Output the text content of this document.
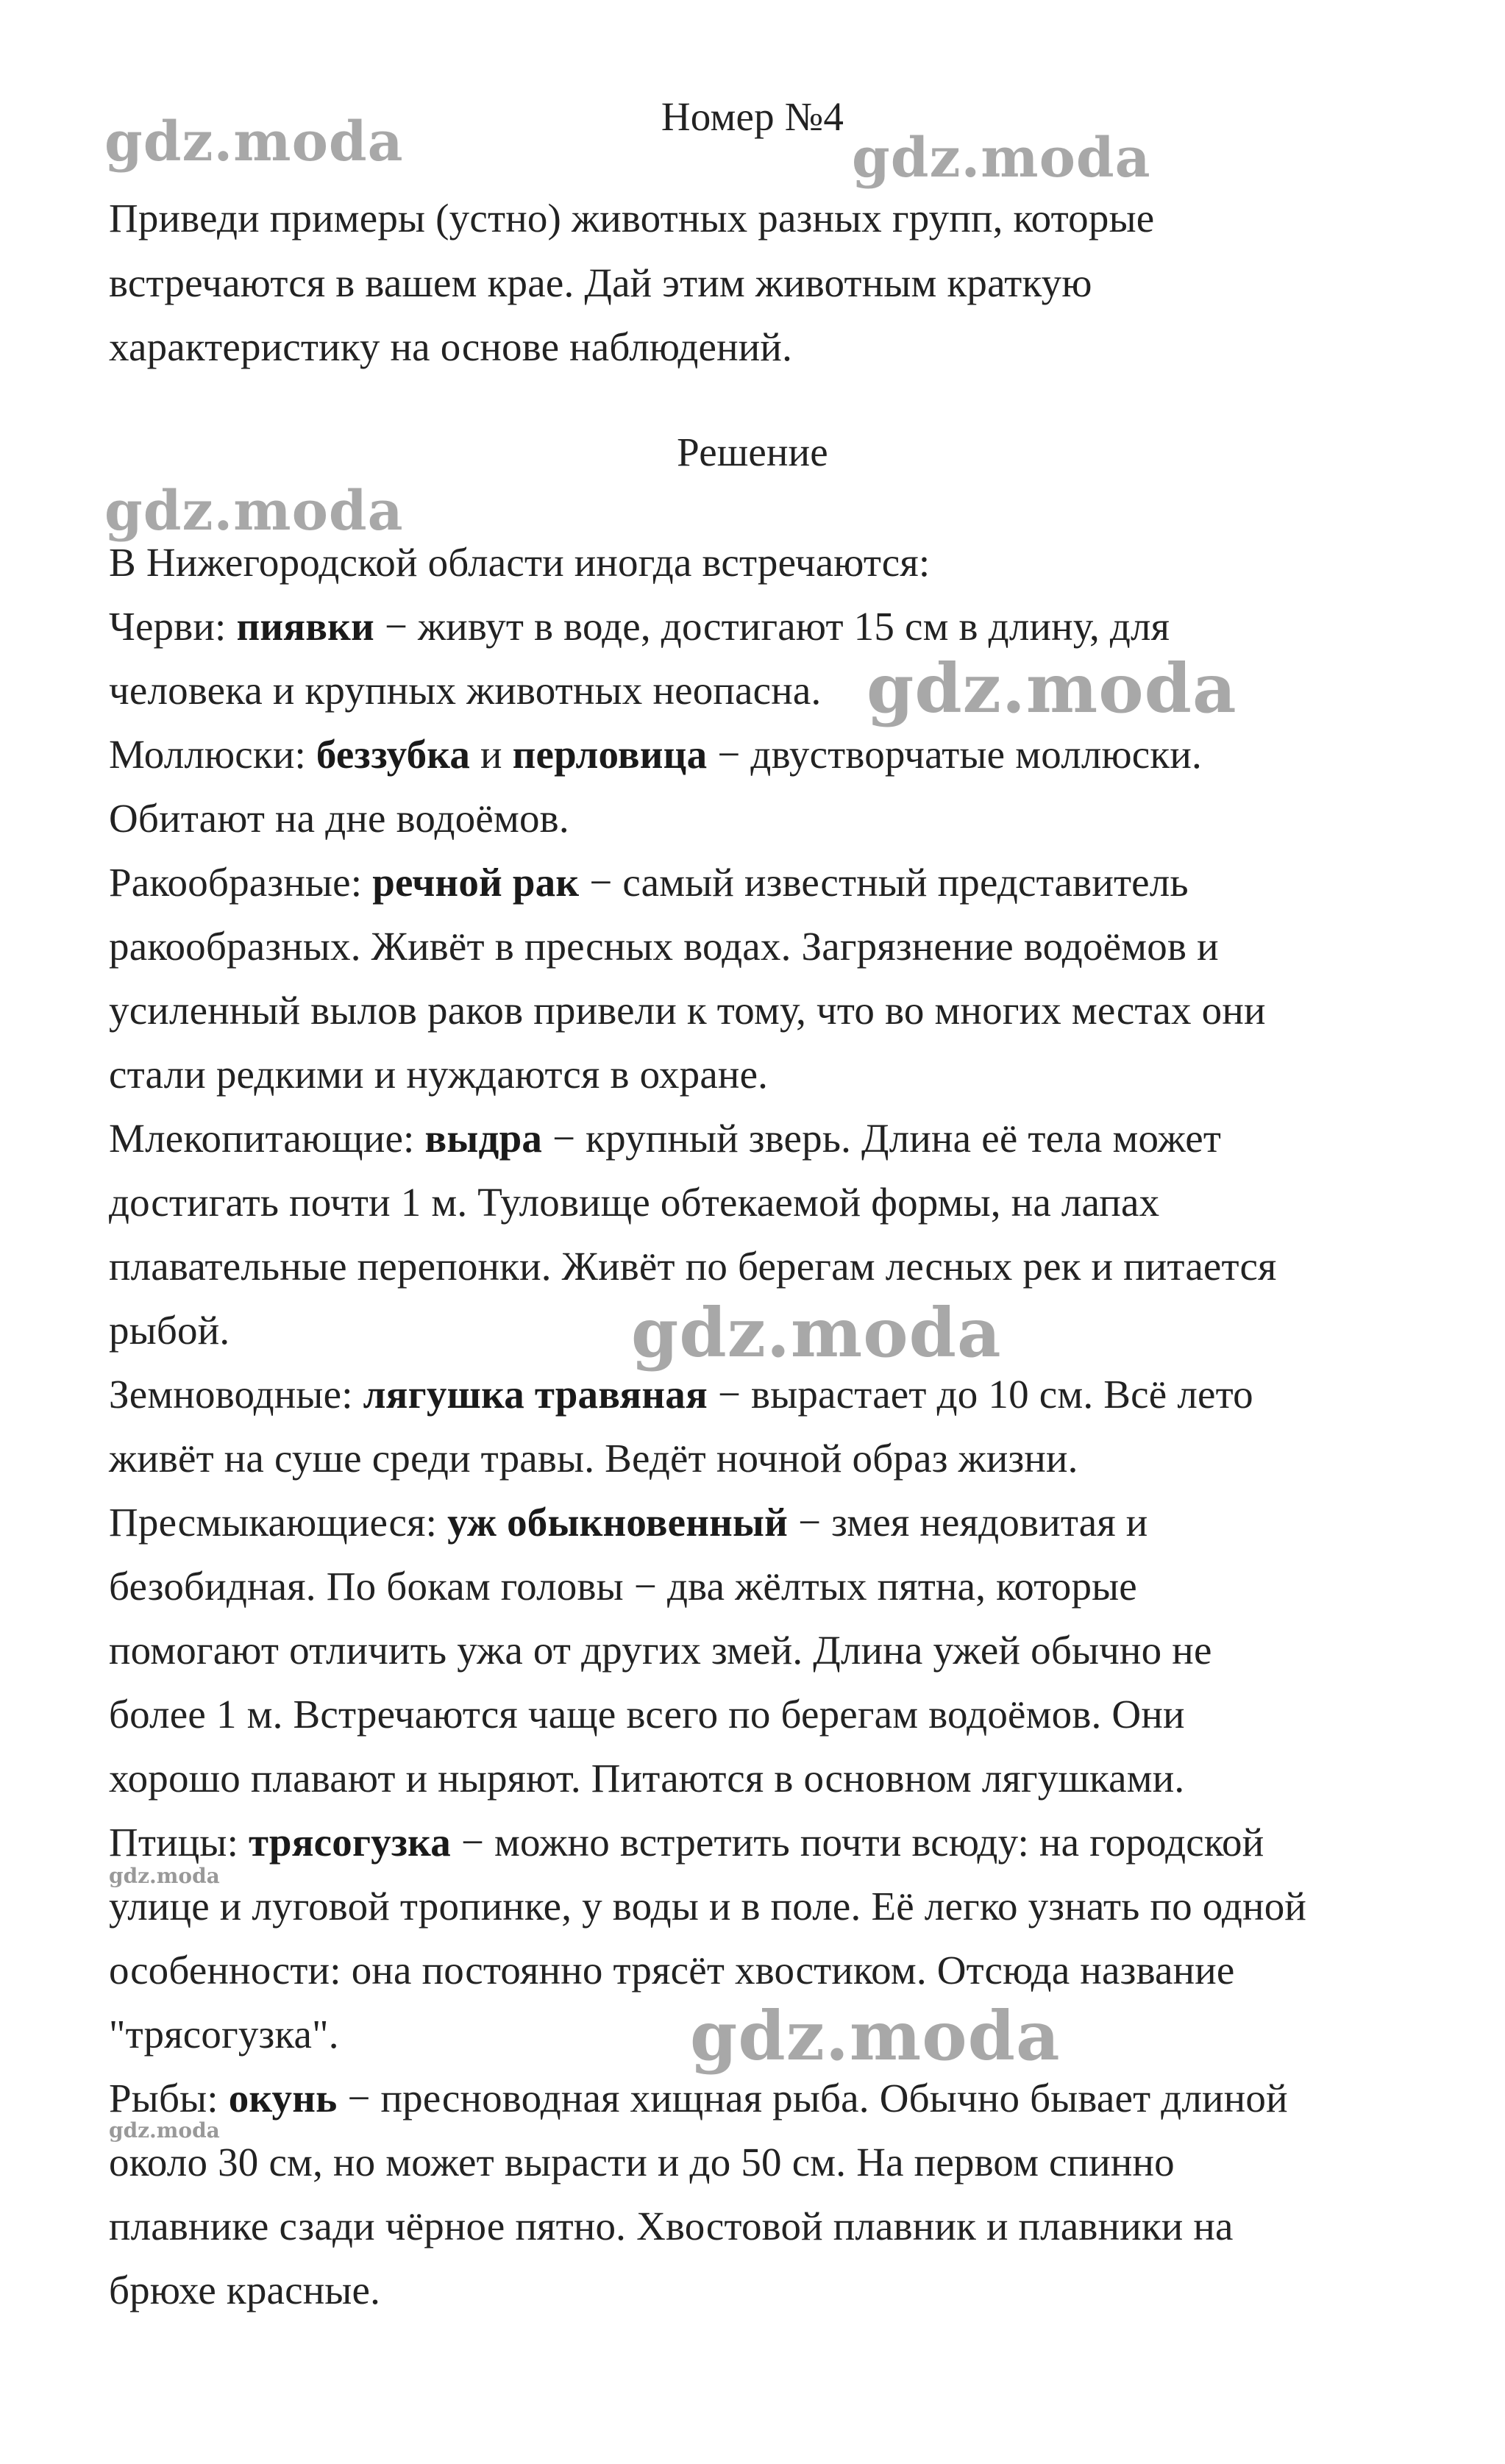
gdz.moda	gdz.moda
gdz.moda
gdz.moda
gdz.moda
gdz.moda
gdz.moda
gdz.moda
Номер №4
Приведи примеры (устно) животных разных групп, которые
встречаются в вашем крае. Дай этим животным краткую
характеристику на основе наблюдений.
Решение
В Нижегородской области иногда встречаются:
Черви: пиявки − живут в воде, достигают 15 см в длину, для
человека и крупных животных неопасна.
Моллюски: беззубка и перловица − двустворчатые моллюски.
Обитают на дне водоёмов.
Ракообразные: речной рак − самый известный представитель
ракообразных. Живёт в пресных водах. Загрязнение водоёмов и
усиленный вылов раков привели к тому, что во многих местах они
стали редкими и нуждаются в охране.
Млекопитающие: выдра − крупный зверь. Длина её тела может
достигать почти 1 м. Туловище обтекаемой формы, на лапах
плавательные перепонки. Живёт по берегам лесных рек и питается
рыбой.
Земноводные: лягушка травяная − вырастает до 10 см. Всё лето
живёт на суше среди травы. Ведёт ночной образ жизни.
Пресмыкающиеся: уж обыкновенный − змея неядовитая и
безобидная. По бокам головы − два жёлтых пятна, которые
помогают отличить ужа от других змей. Длина ужей обычно не
более 1 м. Встречаются чаще всего по берегам водоёмов. Они
хорошо плавают и ныряют. Питаются в основном лягушками.
Птицы: трясогузка − можно встретить почти всюду: на городской
улице и луговой тропинке, у воды и в поле. Её легко узнать по одной
особенности: она постоянно трясёт хвостиком. Отсюда название
"трясогузка".
Рыбы: окунь − пресноводная хищная рыба. Обычно бывает длиной
около 30 см, но может вырасти и до 50 см. На первом спинно
плавнике сзади чёрное пятно. Хвостовой плавник и плавники на
брюхе красные.
